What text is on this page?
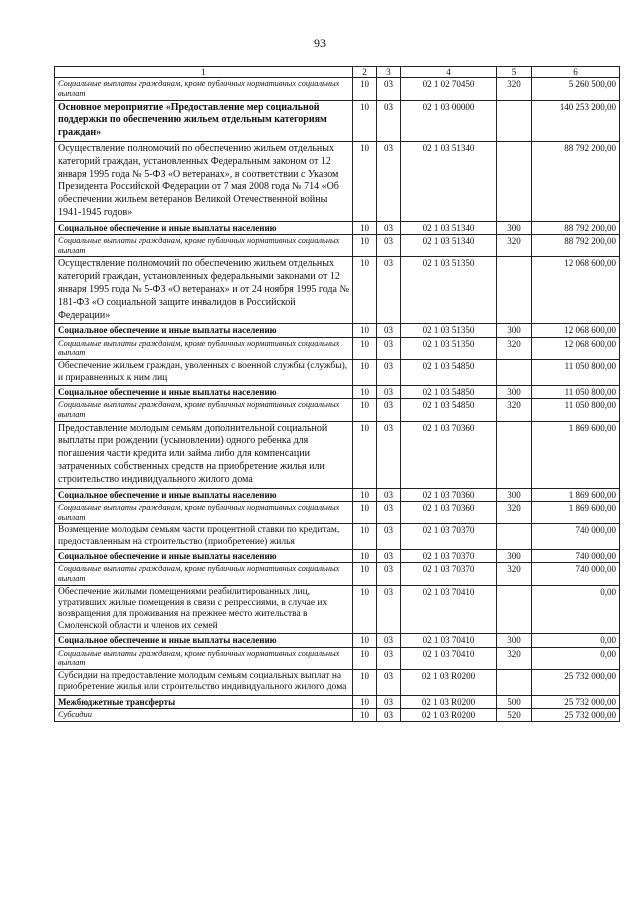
93
1	2	3	4	5	6
Социальные выплаты гражданам, кроме публичных нормативных социальных выплат	10	03	02 1 02 70450	320	5 260 500,00
Основное мероприятие «Предоставление мер социальной поддержки по обеспечению жильем отдельным категориям граждан»	10	03	02 1 03 00000		140 253 200,00
Осуществление полномочий по обеспечению жильем отдельных категорий граждан, установленных Федеральным законом от 12 января 1995 года № 5-ФЗ «О ветеранах», в соответствии с Указом Президента Российской Федерации от 7 мая 2008 года № 714 «Об обеспечении жильем ветеранов Великой Отечественной войны 1941-1945 годов»	10	03	02 1 03 51340		88 792 200,00
Социальное обеспечение и иные выплаты населению	10	03	02 1 03 51340	300	88 792 200,00
Социальные выплаты гражданам, кроме публичных нормативных социальных выплат	10	03	02 1 03 51340	320	88 792 200,00
Осуществление полномочий по обеспечению жильем отдельных категорий граждан, установленных федеральными законами от 12 января 1995 года № 5-ФЗ «О ветеранах» и от 24 ноября 1995 года № 181-ФЗ «О социальной защите инвалидов в Российской Федерации»	10	03	02 1 03 51350		12 068 600,00
Социальное обеспечение и иные выплаты населению	10	03	02 1 03 51350	300	12 068 600,00
Социальные выплаты гражданам, кроме публичных нормативных социальных выплат	10	03	02 1 03 51350	320	12 068 600,00
Обеспечение жильем граждан, уволенных с военной службы (службы), и приравненных к ним лиц	10	03	02 1 03 54850		11 050 800,00
Социальное обеспечение и иные выплаты населению	10	03	02 1 03 54850	300	11 050 800,00
Социальные выплаты гражданам, кроме публичных нормативных социальных выплат	10	03	02 1 03 54850	320	11 050 800,00
Предоставление молодым семьям дополнительной социальной выплаты при рождении (усыновлении) одного ребенка для погашения части кредита или займа либо для компенсации затраченных собственных средств на приобретение жилья или строительство индивидуального жилого дома	10	03	02 1 03 70360		1 869 600,00
Социальное обеспечение и иные выплаты населению	10	03	02 1 03 70360	300	1 869 600,00
Социальные выплаты гражданам, кроме публичных нормативных социальных выплат	10	03	02 1 03 70360	320	1 869 600,00
Возмещение молодым семьям части процентной ставки по кредитам, предоставленным на строительство (приобретение) жилья	10	03	02 1 03 70370		740 000,00
Социальное обеспечение и иные выплаты населению	10	03	02 1 03 70370	300	740 000,00
Социальные выплаты гражданам, кроме публичных нормативных социальных выплат	10	03	02 1 03 70370	320	740 000,00
Обеспечение жилыми помещениями реабилитированных лиц, утративших жилые помещения в связи с репрессиями, в случае их возвращения для проживания на прежнее место жительства в Смоленской области и членов их семей	10	03	02 1 03 70410		0,00
Социальное обеспечение и иные выплаты населению	10	03	02 1 03 70410	300	0,00
Социальные выплаты гражданам, кроме публичных нормативных социальных выплат	10	03	02 1 03 70410	320	0,00
Субсидии на предоставление молодым семьям социальных выплат на приобретение жилья или строительство индивидуального жилого дома	10	03	02 1 03 R0200		25 732 000,00
Межбюджетные трансферты	10	03	02 1 03 R0200	500	25 732 000,00
Субсидии	10	03	02 1 03 R0200	520	25 732 000,00
